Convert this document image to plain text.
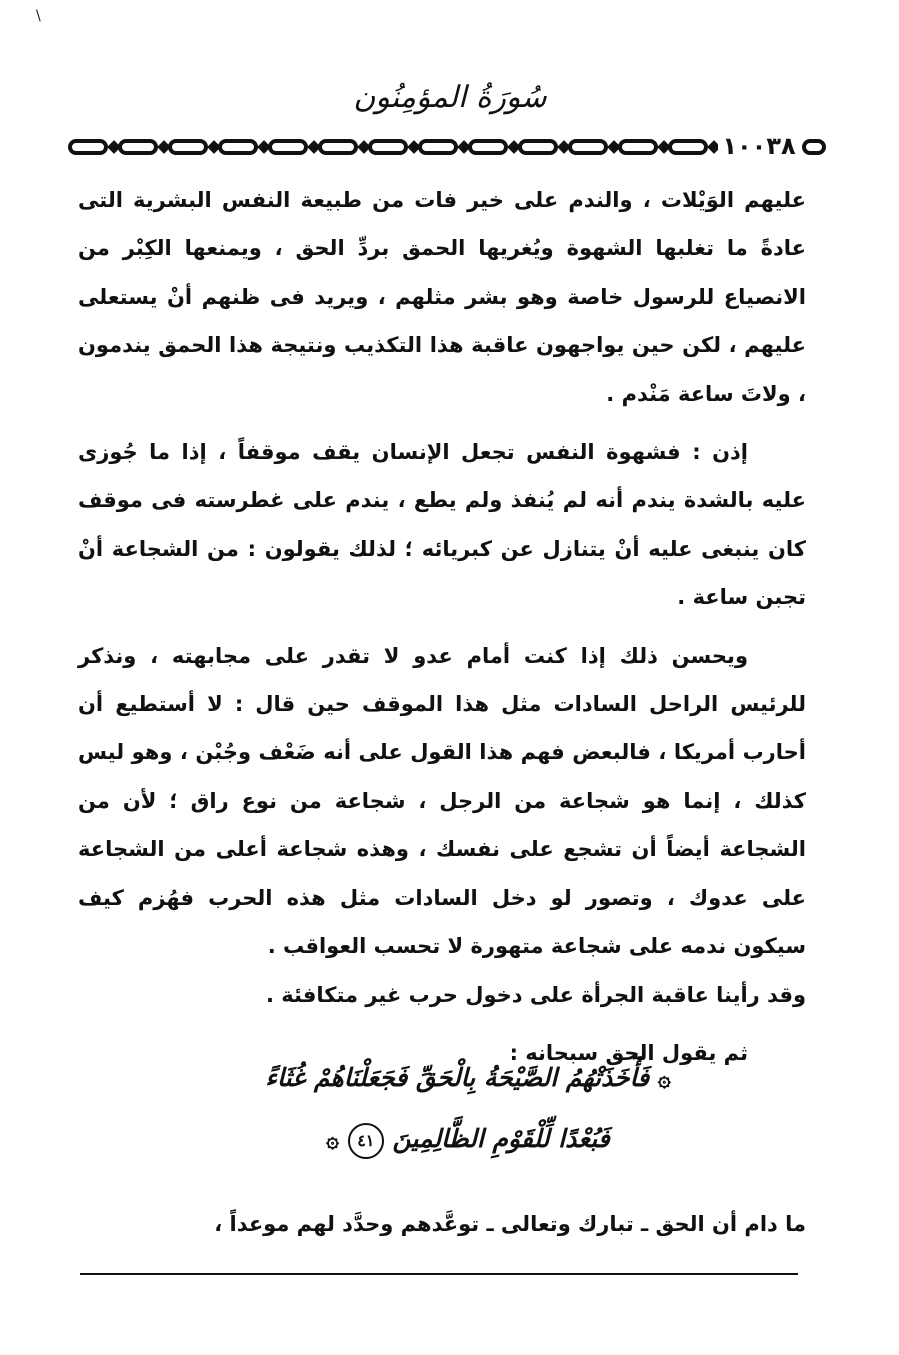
\
سُورَةُ المؤمِنُون
١٠٠٣٨

عليهم الوَيْلات ، والندم على خير فات من طبيعة النفس البشرية التى عادةً ما تغلبها الشهوة ويُغريها الحمق بردِّ الحق ، ويمنعها الكِبْر من الانصياع للرسول خاصة وهو بشر مثلهم ، ويريد فى ظنهم أنْ يستعلى عليهم ، لكن حين يواجهون عاقبة هذا التكذيب ونتيجة هذا الحمق يندمون ، ولاتَ ساعة مَنْدم .

إذن : فشهوة النفس تجعل الإنسان يقف موقفاً ، إذا ما جُوزى عليه بالشدة يندم أنه لم يُنفذ ولم يطع ، يندم على غطرسته فى موقف كان ينبغى عليه أنْ يتنازل عن كبريائه ؛ لذلك يقولون : من الشجاعة أنْ تجبن ساعة .

ويحسن ذلك إذا كنت أمام عدو لا تقدر على مجابهته ، ونذكر للرئيس الراحل السادات مثل هذا الموقف حين قال : لا أستطيع أن أحارب أمريكا ، فالبعض فهم هذا القول على أنه ضَعْف وجُبْن ، وهو ليس كذلك ، إنما هو شجاعة من الرجل ، شجاعة من نوع راق ؛ لأن من الشجاعة أيضاً أن تشجع على نفسك ، وهذه شجاعة أعلى من الشجاعة على عدوك ، وتصور لو دخل السادات مثل هذه الحرب فهُزم كيف سيكون ندمه على شجاعة متهورة لا تحسب العواقب .

وقد رأينا عاقبة الجرأة على دخول حرب غير متكافئة .

ثم يقول الحق سبحانه :

۞ فَأَخَذَتْهُمُ الصَّيْحَةُ بِالْحَقِّ فَجَعَلْنَاهُمْ غُثَاءً
فَبُعْدًا لِّلْقَوْمِ الظَّالِمِينَ ٤١ ۞
ما دام أن الحق ـ تبارك وتعالى ـ توعَّدهم وحدَّد لهم موعداً ،
